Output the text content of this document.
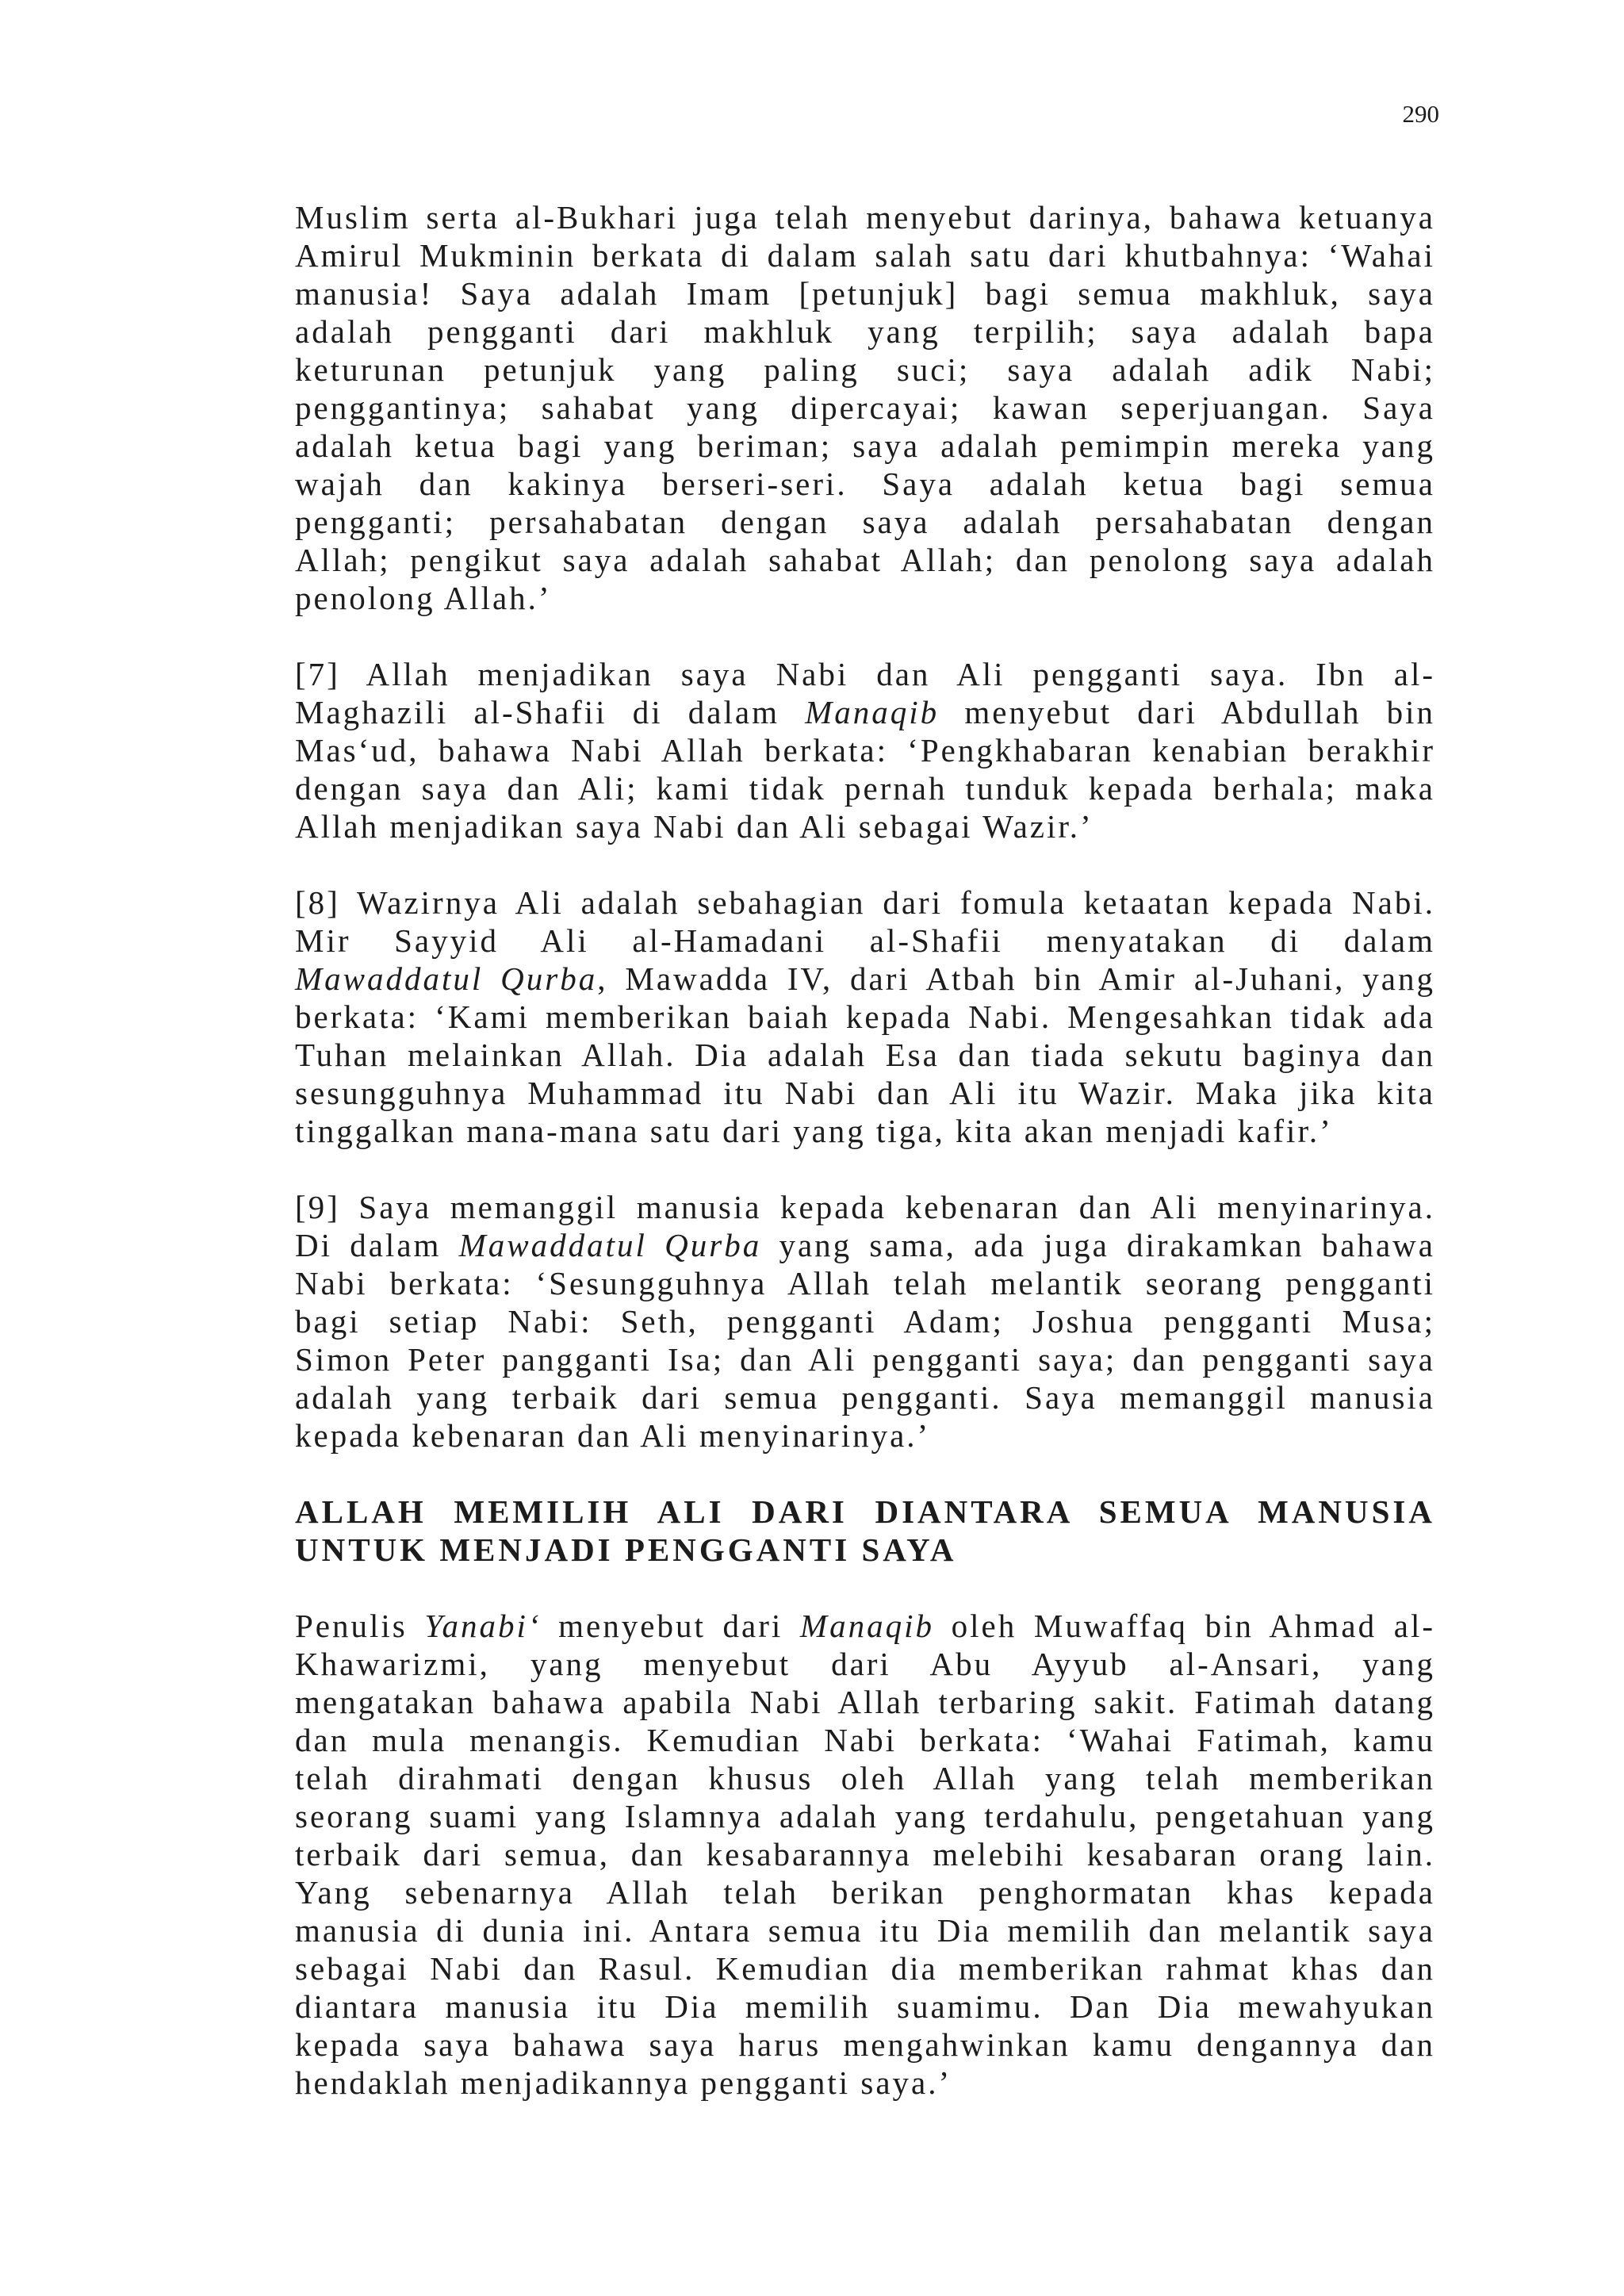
290
Muslim serta al-Bukhari juga telah menyebut darinya, bahawa ketuanya
Amirul Mukminin berkata di dalam salah satu dari khutbahnya: ‘Wahai
manusia! Saya adalah Imam [petunjuk] bagi semua makhluk, saya
adalah pengganti dari makhluk yang terpilih; saya adalah bapa
keturunan petunjuk yang paling suci; saya adalah adik Nabi;
penggantinya; sahabat yang dipercayai; kawan seperjuangan. Saya
adalah ketua bagi yang beriman; saya adalah pemimpin mereka yang
wajah dan kakinya berseri-seri. Saya adalah ketua bagi semua
pengganti; persahabatan dengan saya adalah persahabatan dengan
Allah; pengikut saya adalah sahabat Allah; dan penolong saya adalah
penolong Allah.’
[7] Allah menjadikan saya Nabi dan Ali pengganti saya. Ibn al-
Maghazili al-Shafii di dalam Manaqib menyebut dari Abdullah bin
Mas‘ud, bahawa Nabi Allah berkata: ‘Pengkhabaran kenabian berakhir
dengan saya dan Ali; kami tidak pernah tunduk kepada berhala; maka
Allah menjadikan saya Nabi dan Ali sebagai Wazir.’
[8] Wazirnya Ali adalah sebahagian dari fomula ketaatan kepada Nabi.
Mir Sayyid Ali al-Hamadani al-Shafii menyatakan di dalam
Mawaddatul Qurba, Mawadda IV, dari Atbah bin Amir al-Juhani, yang
berkata: ‘Kami memberikan baiah kepada Nabi. Mengesahkan tidak ada
Tuhan melainkan Allah. Dia adalah Esa dan tiada sekutu baginya dan
sesungguhnya Muhammad itu Nabi dan Ali itu Wazir. Maka jika kita
tinggalkan mana-mana satu dari yang tiga, kita akan menjadi kafir.’
[9] Saya memanggil manusia kepada kebenaran dan Ali menyinarinya.
Di dalam Mawaddatul Qurba yang sama, ada juga dirakamkan bahawa
Nabi berkata: ‘Sesungguhnya Allah telah melantik seorang pengganti
bagi setiap Nabi: Seth, pengganti Adam; Joshua pengganti Musa;
Simon Peter pangganti Isa; dan Ali pengganti saya; dan pengganti saya
adalah yang terbaik dari semua pengganti. Saya memanggil manusia
kepada kebenaran dan Ali menyinarinya.’
ALLAH MEMILIH ALI DARI DIANTARA SEMUA MANUSIA
UNTUK MENJADI PENGGANTI SAYA
Penulis Yanabi‘ menyebut dari Manaqib oleh Muwaffaq bin Ahmad al-
Khawarizmi, yang menyebut dari Abu Ayyub al-Ansari, yang
mengatakan bahawa apabila Nabi Allah terbaring sakit. Fatimah datang
dan mula menangis. Kemudian Nabi berkata: ‘Wahai Fatimah, kamu
telah dirahmati dengan khusus oleh Allah yang telah memberikan
seorang suami yang Islamnya adalah yang terdahulu, pengetahuan yang
terbaik dari semua, dan kesabarannya melebihi kesabaran orang lain.
Yang sebenarnya Allah telah berikan penghormatan khas kepada
manusia di dunia ini. Antara semua itu Dia memilih dan melantik saya
sebagai Nabi dan Rasul. Kemudian dia memberikan rahmat khas dan
diantara manusia itu Dia memilih suamimu. Dan Dia mewahyukan
kepada saya bahawa saya harus mengahwinkan kamu dengannya dan
hendaklah menjadikannya pengganti saya.’
